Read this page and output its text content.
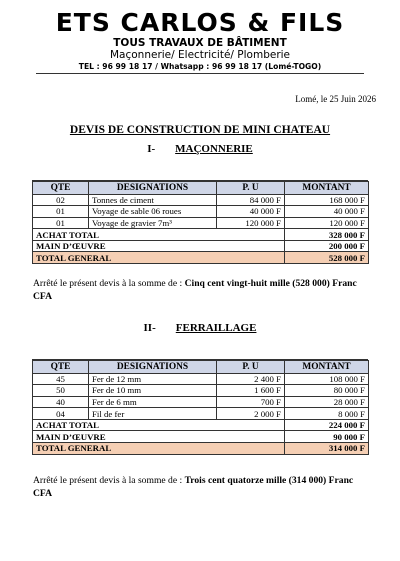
ETS CARLOS & FILS
TOUS TRAVAUX DE BÂTIMENT
Maçonnerie/ Electricité/ Plomberie
TEL : 96 99 18 17 / Whatsapp : 96 99 18 17 (Lomé-TOGO)
Lomé, le 25 Juin 2026
DEVIS DE CONSTRUCTION DE MINI CHATEAU
I- MAÇONNERIE
QTE	DESIGNATIONS	P. U	MONTANT
02	Tonnes de ciment	84 000 F	168 000 F
01	Voyage de sable 06 roues	40 000 F	40 000 F
01	Voyage de gravier 7m³	120 000 F	120 000 F
ACHAT TOTAL			328 000 F
MAIN D’ŒUVRE			200 000 F
TOTAL GENERAL			528 000 F
Arrêté le présent devis à la somme de : Cinq cent vingt-huit mille (528 000) Franc CFA
II- FERRAILLAGE
QTE	DESIGNATIONS	P. U	MONTANT
45	Fer de 12 mm	2 400 F	108 000 F
50	Fer de 10 mm	1 600 F	80 000 F
40	Fer de 6 mm	700 F	28 000 F
04	Fil de fer	2 000 F	8 000 F
ACHAT TOTAL			224 000 F
MAIN D’ŒUVRE			90 000 F
TOTAL GENERAL			314 000 F
Arrêté le présent devis à la somme de : Trois cent quatorze mille (314 000) Franc CFA
